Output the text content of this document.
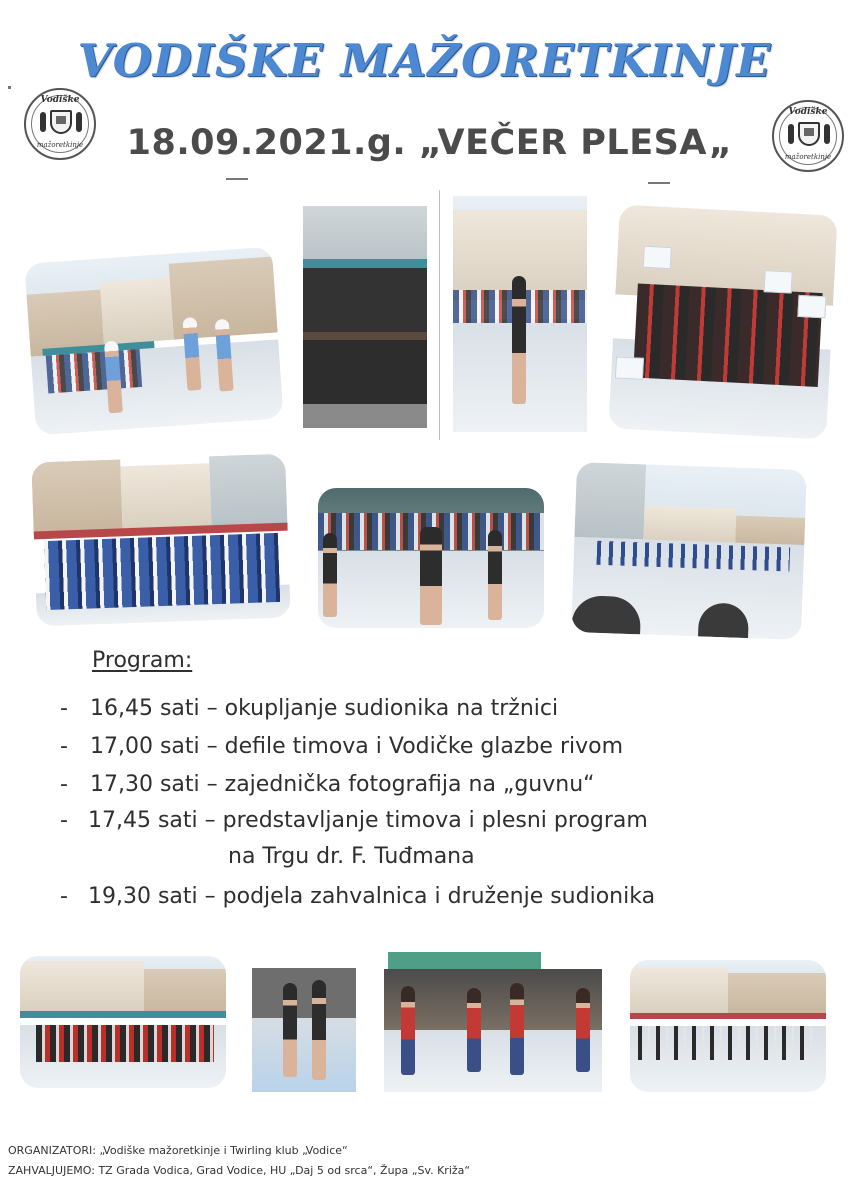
Vodiške
mažoretkinje
Vodiške
mažoretkinje
VODIŠKE MAŽORETKINJE
18.09.2021.g. „VEČER PLESA„
Program:
- 16,45 sati – okupljanje sudionika na tržnici
- 17,00 sati – defile timova i Vodičke glazbe rivom
- 17,30 sati – zajednička fotografija na „guvnu“
- 17,45 sati – predstavljanje timova i plesni program
na Trgu dr. F. Tuđmana
- 19,30 sati – podjela zahvalnica i druženje sudionika
ORGANIZATORI: „Vodiške mažoretkinje i Twirling klub „Vodice“
ZAHVALJUJEMO: TZ Grada Vodica, Grad Vodice, HU „Daj 5 od srca“, Župa „Sv. Križa“
